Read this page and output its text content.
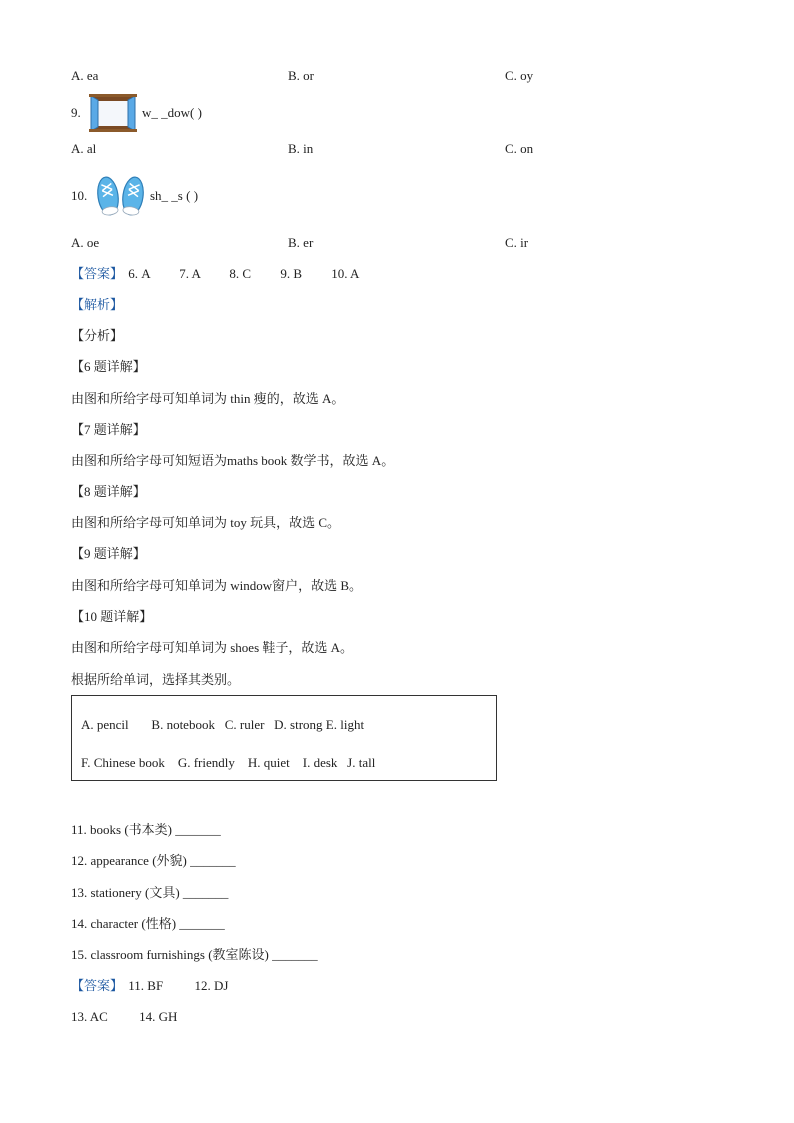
A. ea	B. or	C. oy
9.	w_ _dow( )
A. al	B. in	C. on
10.	sh_ _s ( )
A. oe	B. er	C. ir
【答案】 6. A 7. A 8. C 9. B 10. A
【解析】
【分析】
【6 题详解】
由图和所给字母可知单词为 thin 瘦的，故选 A。
【7 题详解】
由图和所给字母可知短语为maths book 数学书，故选 A。
【8 题详解】
由图和所给字母可知单词为 toy 玩具，故选 C。
【9 题详解】
由图和所给字母可知单词为 window窗户，故选 B。
【10 题详解】
由图和所给字母可知单词为 shoes 鞋子，故选 A。
根据所给单词，选择其类别。
A. pencil       B. notebook   C. ruler   D. strong E. light
F. Chinese book    G. friendly    H. quiet    I. desk   J. tall
11. books (书本类) _______
12. appearance (外貌) _______
13. stationery (文具) _______
14. character (性格) _______
15. classroom furnishings (教室陈设) _______
【答案】 11. BF 12. DJ
13. AC 14. GH
